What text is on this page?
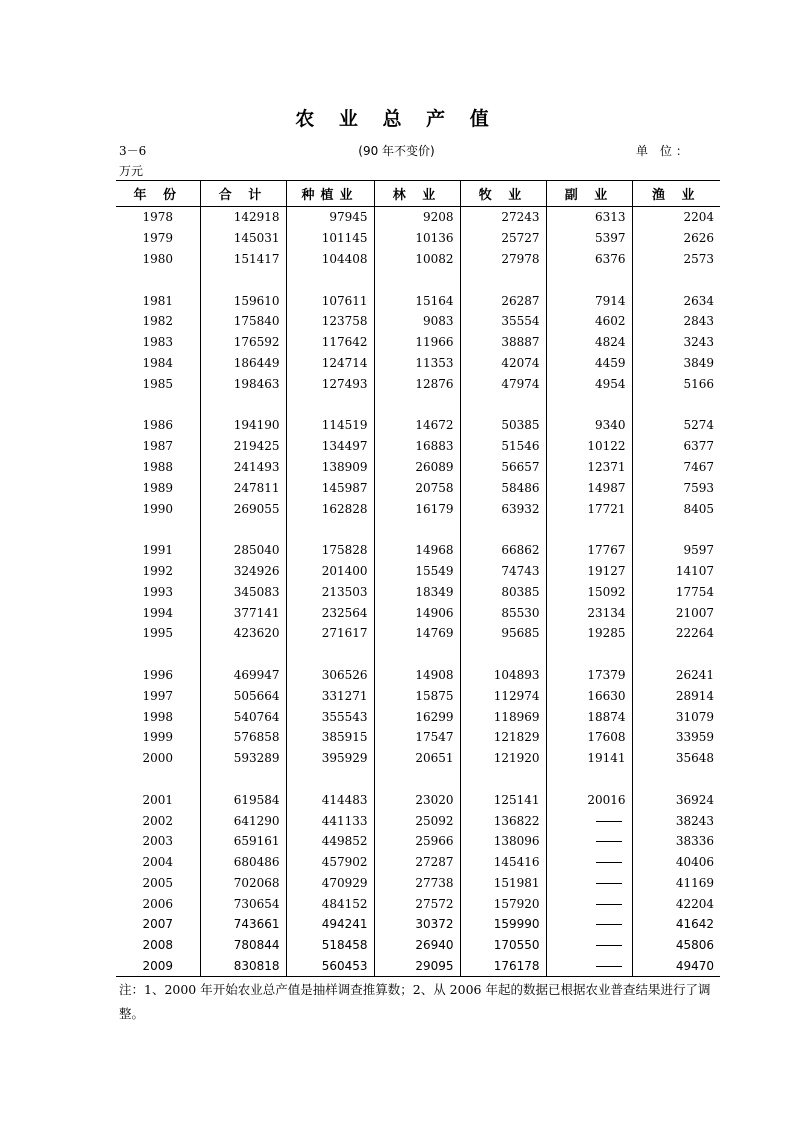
农 业 总 产 值
3－6	(90 年不变价)	单 位：
万元
年 份	合 计	种植业	林 业	牧 业	副 业	渔 业
1978	142918	97945	9208	27243	6313	2204
1979	145031	101145	10136	25727	5397	2626
1980	151417	104408	10082	27978	6376	2573

1981	159610	107611	15164	26287	7914	2634
1982	175840	123758	9083	35554	4602	2843
1983	176592	117642	11966	38887	4824	3243
1984	186449	124714	11353	42074	4459	3849
1985	198463	127493	12876	47974	4954	5166

1986	194190	114519	14672	50385	9340	5274
1987	219425	134497	16883	51546	10122	6377
1988	241493	138909	26089	56657	12371	7467
1989	247811	145987	20758	58486	14987	7593
1990	269055	162828	16179	63932	17721	8405

1991	285040	175828	14968	66862	17767	9597
1992	324926	201400	15549	74743	19127	14107
1993	345083	213503	18349	80385	15092	17754
1994	377141	232564	14906	85530	23134	21007
1995	423620	271617	14769	95685	19285	22264

1996	469947	306526	14908	104893	17379	26241
1997	505664	331271	15875	112974	16630	28914
1998	540764	355543	16299	118969	18874	31079
1999	576858	385915	17547	121829	17608	33959
2000	593289	395929	20651	121920	19141	35648

2001	619584	414483	23020	125141	20016	36924
2002	641290	441133	25092	136822		38243
2003	659161	449852	25966	138096		38336
2004	680486	457902	27287	145416		40406
2005	702068	470929	27738	151981		41169
2006	730654	484152	27572	157920		42204
2007	743661	494241	30372	159990		41642
2008	780844	518458	26940	170550		45806
2009	830818	560453	29095	176178		49470
注：1、2000 年开始农业总产值是抽样调查推算数；2、从 2006 年起的数据已根据农业普查结果进行了调整。
